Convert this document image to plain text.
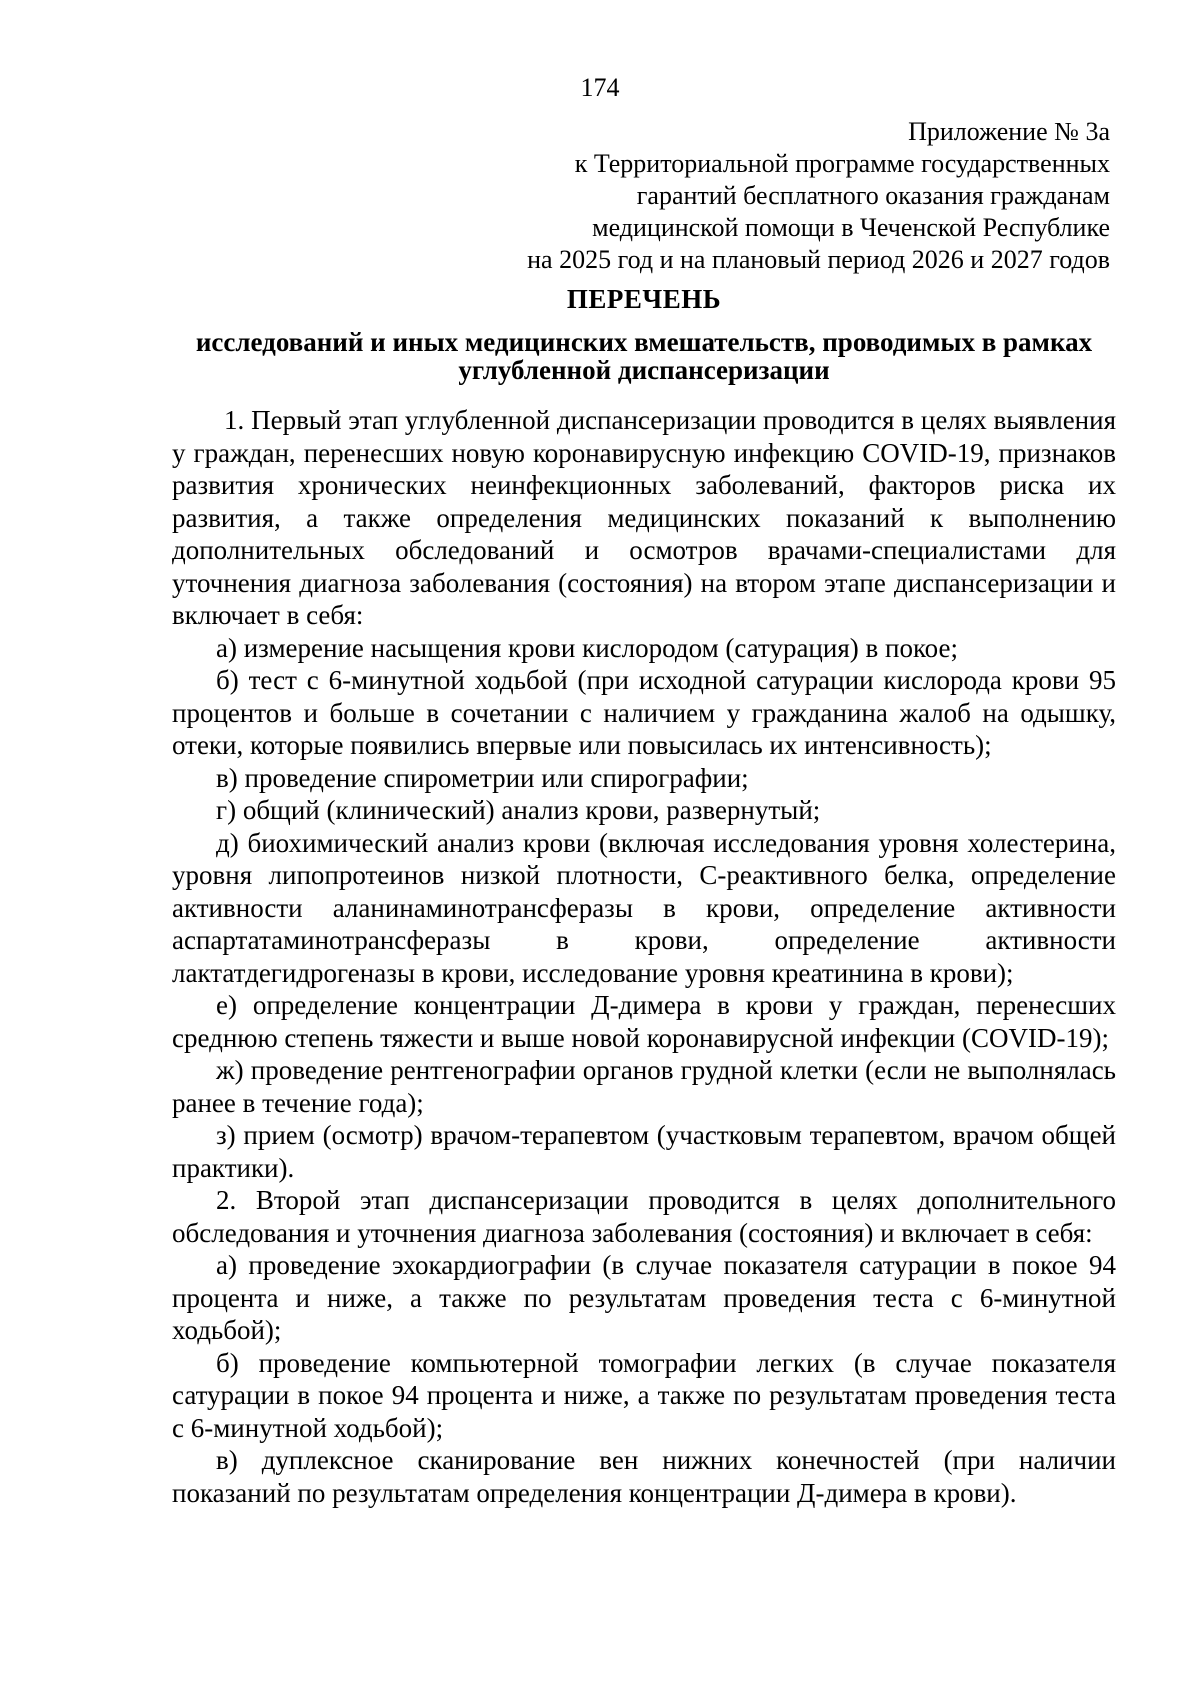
174
Приложение № 3а
к Территориальной программе государственных
гарантий бесплатного оказания гражданам
медицинской помощи в Чеченской Республике
на 2025 год и на плановый период 2026 и 2027 годов
ПЕРЕЧЕНЬ
исследований и иных медицинских вмешательств, проводимых в рамках углубленной диспансеризации

1. Первый этап углубленной диспансеризации проводится в целях выявления у граждан, перенесших новую коронавирусную инфекцию COVID-19, признаков развития хронических неинфекционных заболеваний, факторов риска их развития, а также определения медицинских показаний к выполнению дополнительных обследований и осмотров врачами-специалистами для уточнения диагноза заболевания (состояния) на втором этапе диспансеризации и включает в себя:

а) измерение насыщения крови кислородом (сатурация) в покое;

б) тест с 6-минутной ходьбой (при исходной сатурации кислорода крови 95 процентов и больше в сочетании с наличием у гражданина жалоб на одышку, отеки, которые появились впервые или повысилась их интенсивность);

в) проведение спирометрии или спирографии;

г) общий (клинический) анализ крови, развернутый;

д) биохимический анализ крови (включая исследования уровня холестерина, уровня липопротеинов низкой плотности, С-реактивного белка, определение активности аланинаминотрансферазы в крови, определение активности аспартатаминотрансферазы в крови, определение активности лактатдегидрогеназы в крови, исследование уровня креатинина в крови);

е) определение концентрации Д-димера в крови у граждан, перенесших среднюю степень тяжести и выше новой коронавирусной инфекции (COVID-19);

ж) проведение рентгенографии органов грудной клетки (если не выполнялась ранее в течение года);

з) прием (осмотр) врачом-терапевтом (участковым терапевтом, врачом общей практики).

2. Второй этап диспансеризации проводится в целях дополнительного обследования и уточнения диагноза заболевания (состояния) и включает в себя:

а) проведение эхокардиографии (в случае показателя сатурации в покое 94 процента и ниже, а также по результатам проведения теста с 6-минутной ходьбой);

б) проведение компьютерной томографии легких (в случае показателя сатурации в покое 94 процента и ниже, а также по результатам проведения теста с 6-минутной ходьбой);

в) дуплексное сканирование вен нижних конечностей (при наличии показаний по результатам определения концентрации Д-димера в крови).
